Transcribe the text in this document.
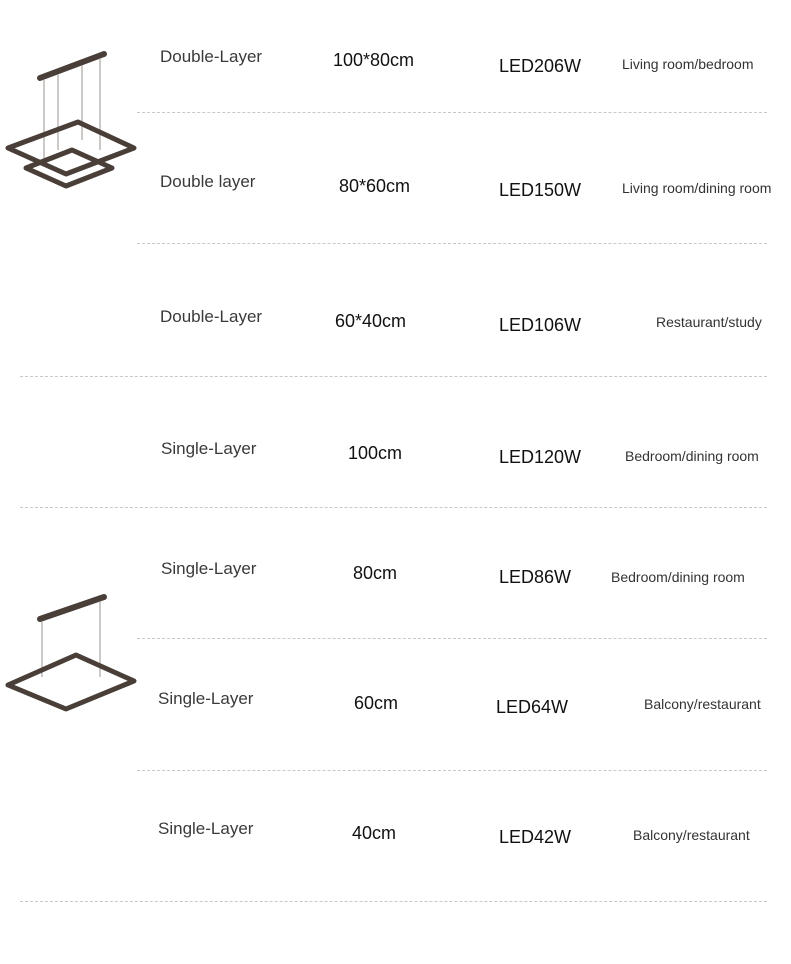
Double-Layer	100*80cm	LED206W	Living room/bedroom
Double layer	80*60cm	LED150W	Living room/dining room
Double-Layer	60*40cm	LED106W	Restaurant/study
Single-Layer	100cm	LED120W	Bedroom/dining room
Single-Layer	80cm	LED86W	Bedroom/dining room
Single-Layer	60cm	LED64W	Balcony/restaurant
Single-Layer	40cm	LED42W	Balcony/restaurant
